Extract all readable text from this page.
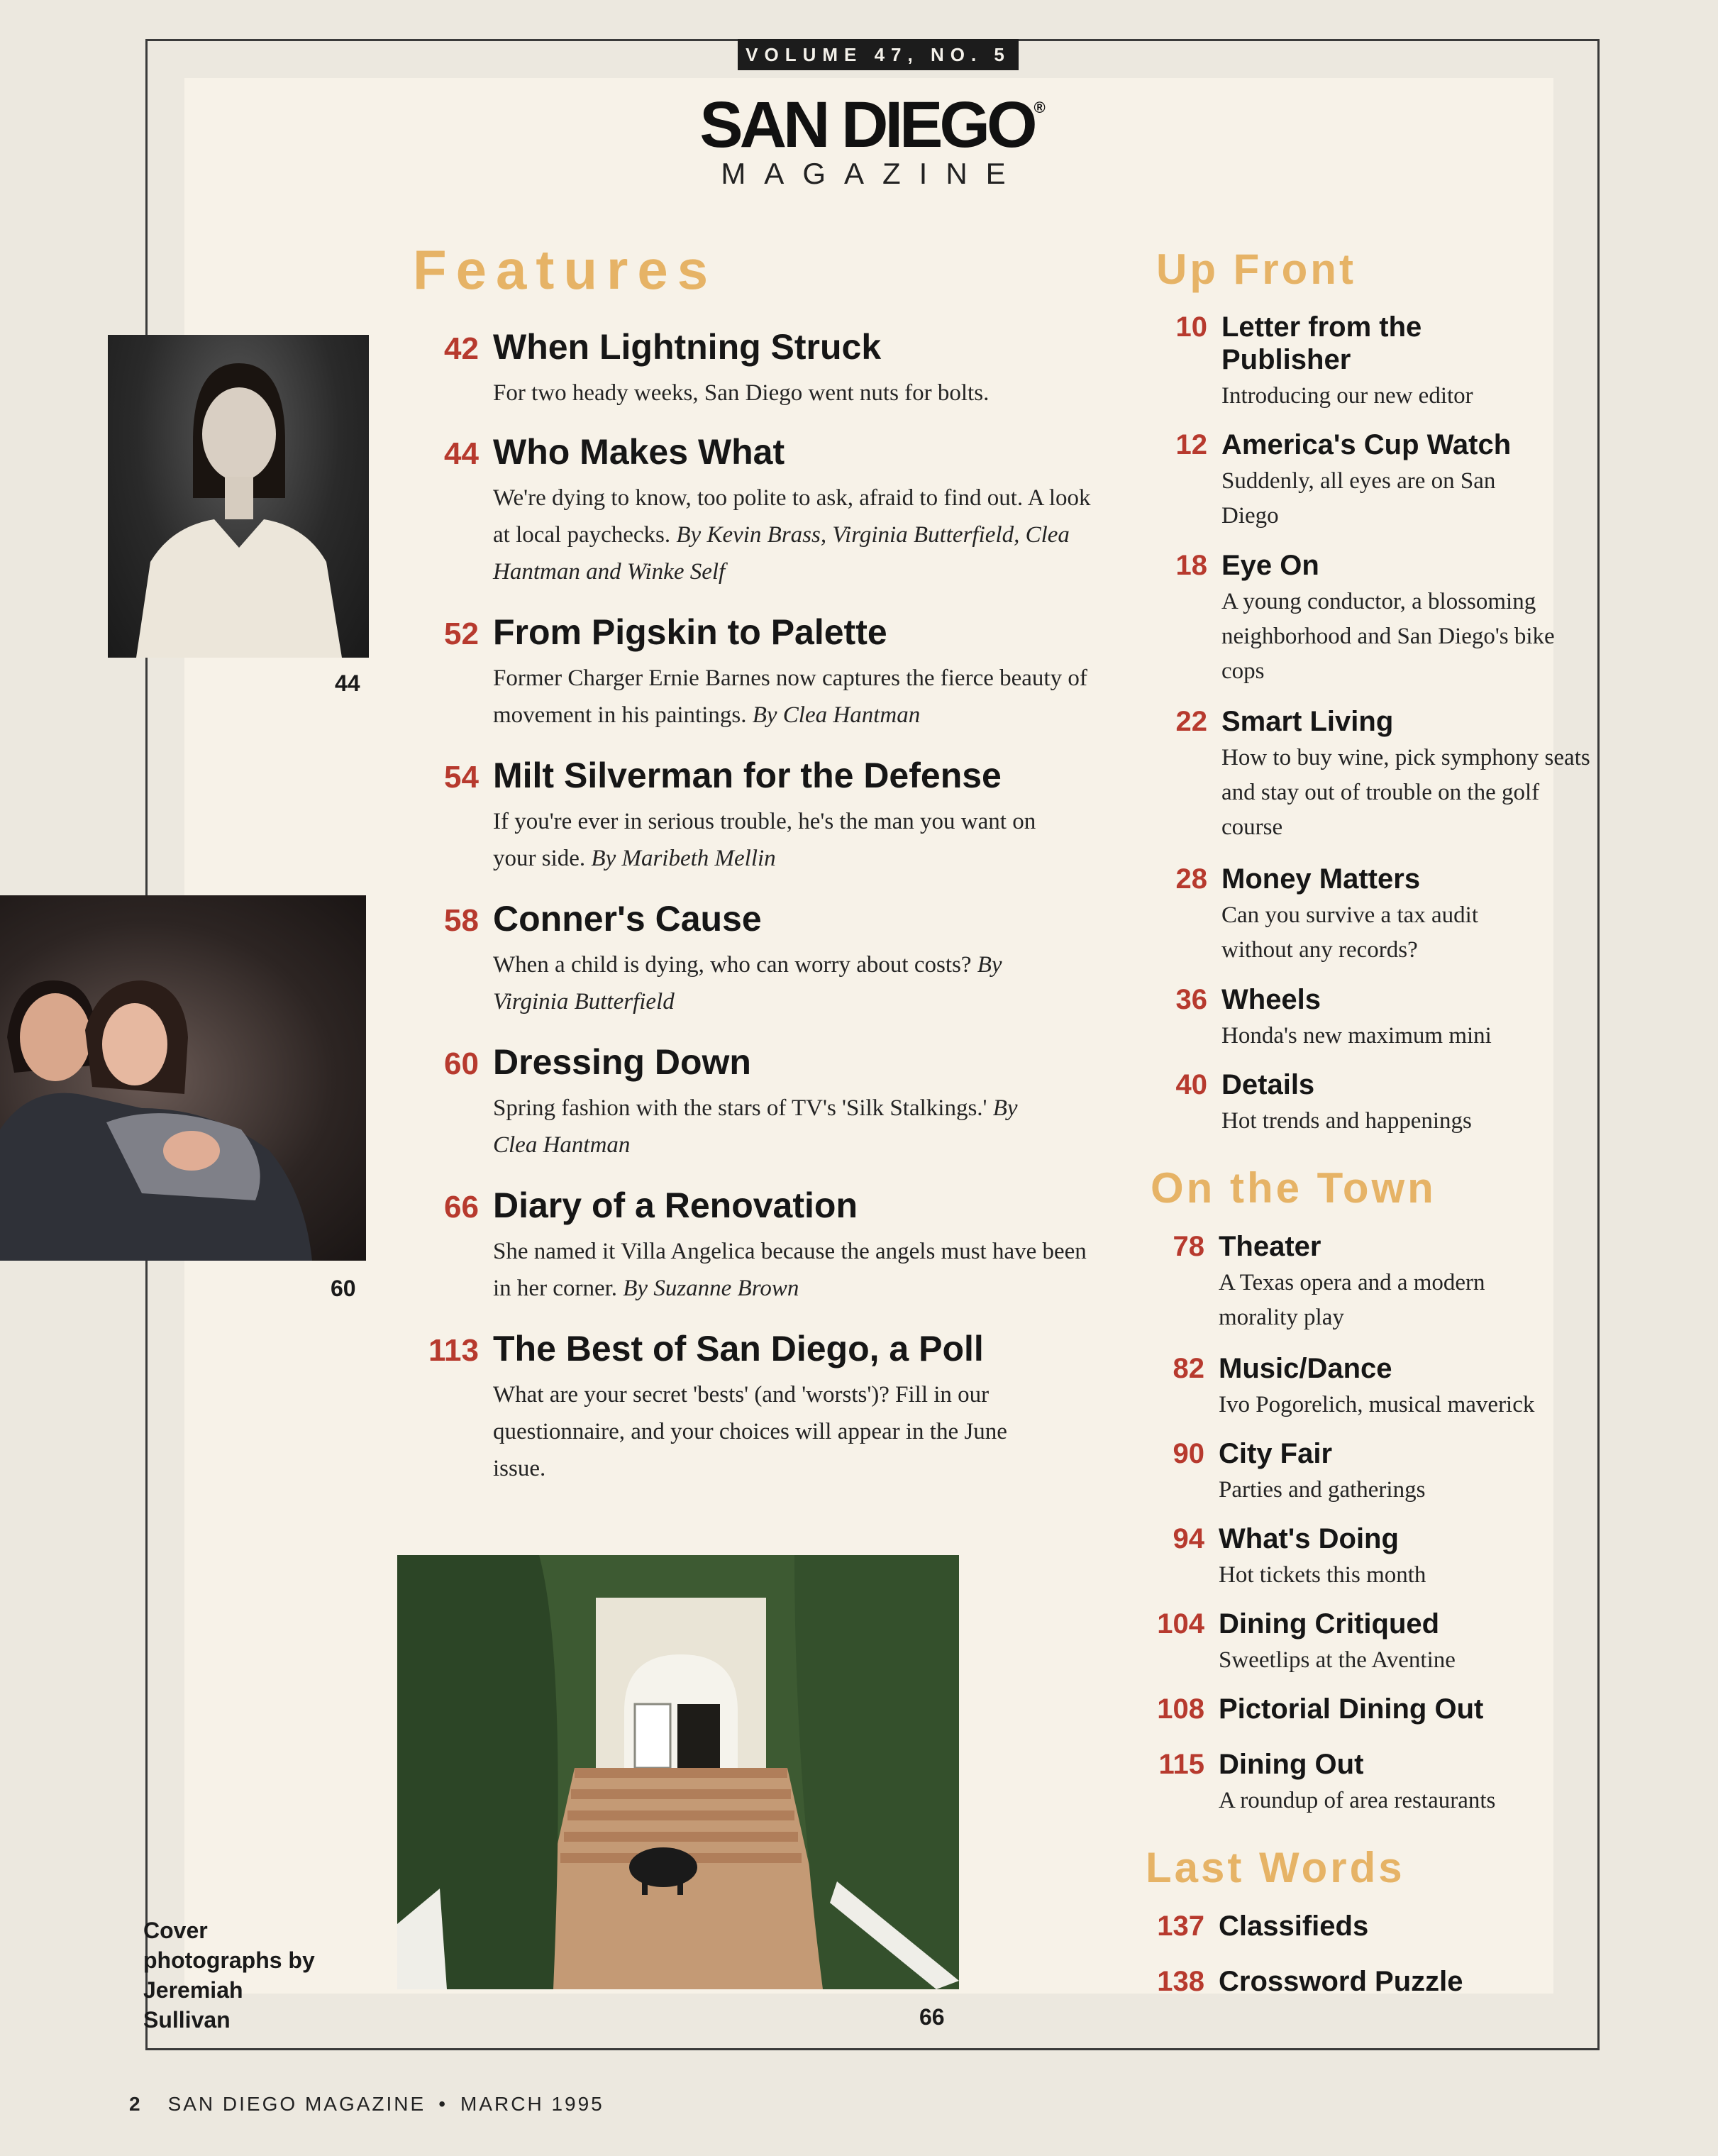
VOLUME 47, NO. 5
SAN DIEGO®
MAGAZINE
Features	Up Front
On the Town
Last Words
42 When Lightning Struck
For two heady weeks, San Diego went nuts for bolts.
44 Who Makes What
We're dying to know, too polite to ask, afraid to find out. A look at local paychecks. By Kevin Brass, Virginia Butterfield, Clea Hantman and Winke Self
52 From Pigskin to Palette
Former Charger Ernie Barnes now captures the fierce beauty of movement in his paintings. By Clea Hantman
54 Milt Silverman for the Defense
If you're ever in serious trouble, he's the man you want on your side. By Maribeth Mellin
58 Conner's Cause
When a child is dying, who can worry about costs? By Virginia Butterfield
60 Dressing Down
Spring fashion with the stars of TV's 'Silk Stalkings.' By Clea Hantman
66 Diary of a Renovation
She named it Villa Angelica because the angels must have been in her corner. By Suzanne Brown
113 The Best of San Diego, a Poll
What are your secret 'bests' (and 'worsts')? Fill in our questionnaire, and your choices will appear in the June issue.
10 Letter from the Publisher
Introducing our new editor
12 America's Cup Watch
Suddenly, all eyes are on San Diego
18 Eye On
A young conductor, a blossoming neighborhood and San Diego's bike cops
22 Smart Living
How to buy wine, pick symphony seats and stay out of trouble on the golf course
28 Money Matters
Can you survive a tax audit without any records?
36 Wheels
Honda's new maximum mini
40 Details
Hot trends and happenings
78 Theater
A Texas opera and a modern morality play
82 Music/Dance
Ivo Pogorelich, musical maverick
90 City Fair
Parties and gatherings
94 What's Doing
Hot tickets this month
104 Dining Critiqued
Sweetlips at the Aventine
108 Pictorial Dining Out
115 Dining Out
A roundup of area restaurants
137 Classifieds
138 Crossword Puzzle
44
60
66
Cover photographs by Jeremiah Sullivan
2 SAN DIEGO MAGAZINE • MARCH 1995
